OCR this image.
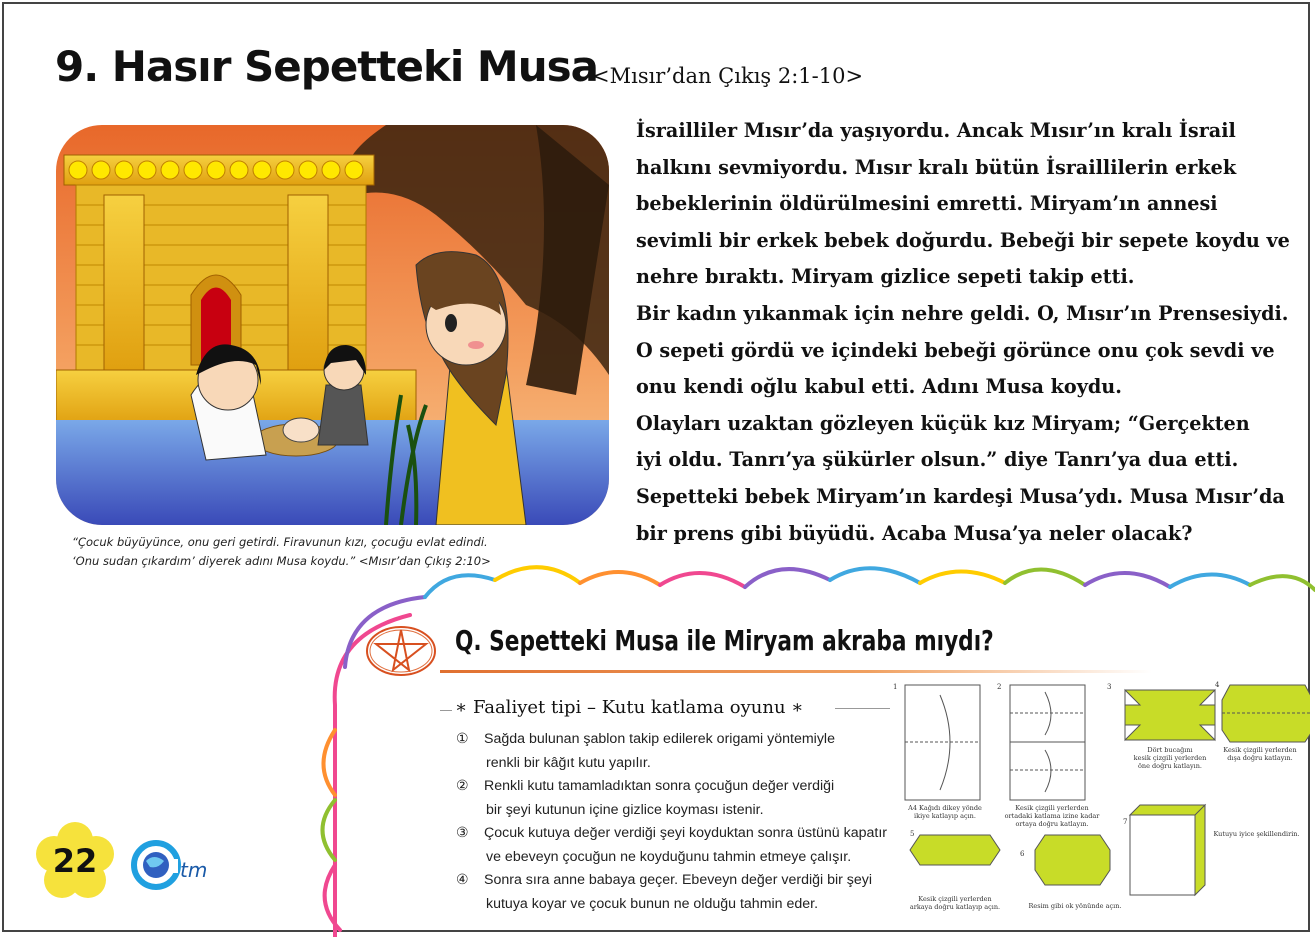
9. Hasır Sepetteki Musa
<Mısır’dan Çıkış 2:1-10>
“Çocuk büyüyünce, onu geri getirdi. Firavunun kızı, çocuğu evlat edindi.
‘Onu sudan çıkardım’ diyerek adını Musa koydu.” <Mısır’dan Çıkış 2:10>
İsrailliler Mısır’da yaşıyordu. Ancak Mısır’ın kralı İsrail
halkını sevmiyordu. Mısır kralı bütün İsraillilerin erkek
bebeklerinin öldürülmesini emretti. Miryam’ın annesi
sevimli bir erkek bebek doğurdu. Bebeği bir sepete koydu ve
nehre bıraktı. Miryam gizlice sepeti takip etti.
Bir kadın yıkanmak için nehre geldi. O, Mısır’ın Prensesiydi.
O sepeti gördü ve içindeki bebeği görünce onu çok sevdi ve
onu kendi oğlu kabul etti. Adını Musa koydu.
Olayları uzaktan gözleyen küçük kız Miryam; “Gerçekten
iyi oldu. Tanrı’ya şükürler olsun.” diye Tanrı’ya dua etti.
Sepetteki bebek Miryam’ın kardeşi Musa’ydı. Musa Mısır’da
bir prens gibi büyüdü. Acaba Musa’ya neler olacak?
Q. Sepetteki Musa ile Miryam akraba mıydı?
∗ Faaliyet tipi – Kutu katlama oyunu ∗
① Sağda bulunan şablon takip edilerek origami yöntemiyle
renkli bir kâğıt kutu yapılır.
② Renkli kutu tamamladıktan sonra çocuğun değer verdiği
bir şeyi kutunun içine gizlice koyması istenir.
③ Çocuk kutuya değer verdiği şeyi koyduktan sonra üstünü kapatır
ve ebeveyn çocuğun ne koyduğunu tahmin etmeye çalışır.
④ Sonra sıra anne babaya geçer. Ebeveyn değer verdiği bir şeyi
kutuya koyar ve çocuk bunun ne olduğu tahmin eder.
22	tm
1	2	3	4
5
6
7
A4 Kağıdı dikey yönde
ikiye katlayıp açın.
Kesik çizgili yerlerden
ortadaki katlama izine kadar
ortaya doğru katlayın.
Dört bucağını
kesik çizgili yerlerden
öne doğru katlayın.
Kesik çizgili yerlerden
dışa doğru katlayın.
Kesik çizgili yerlerden
arkaya doğru katlayıp açın.	Resim gibi ok yönünde açın.
Kutuyu iyice şekillendirin.
